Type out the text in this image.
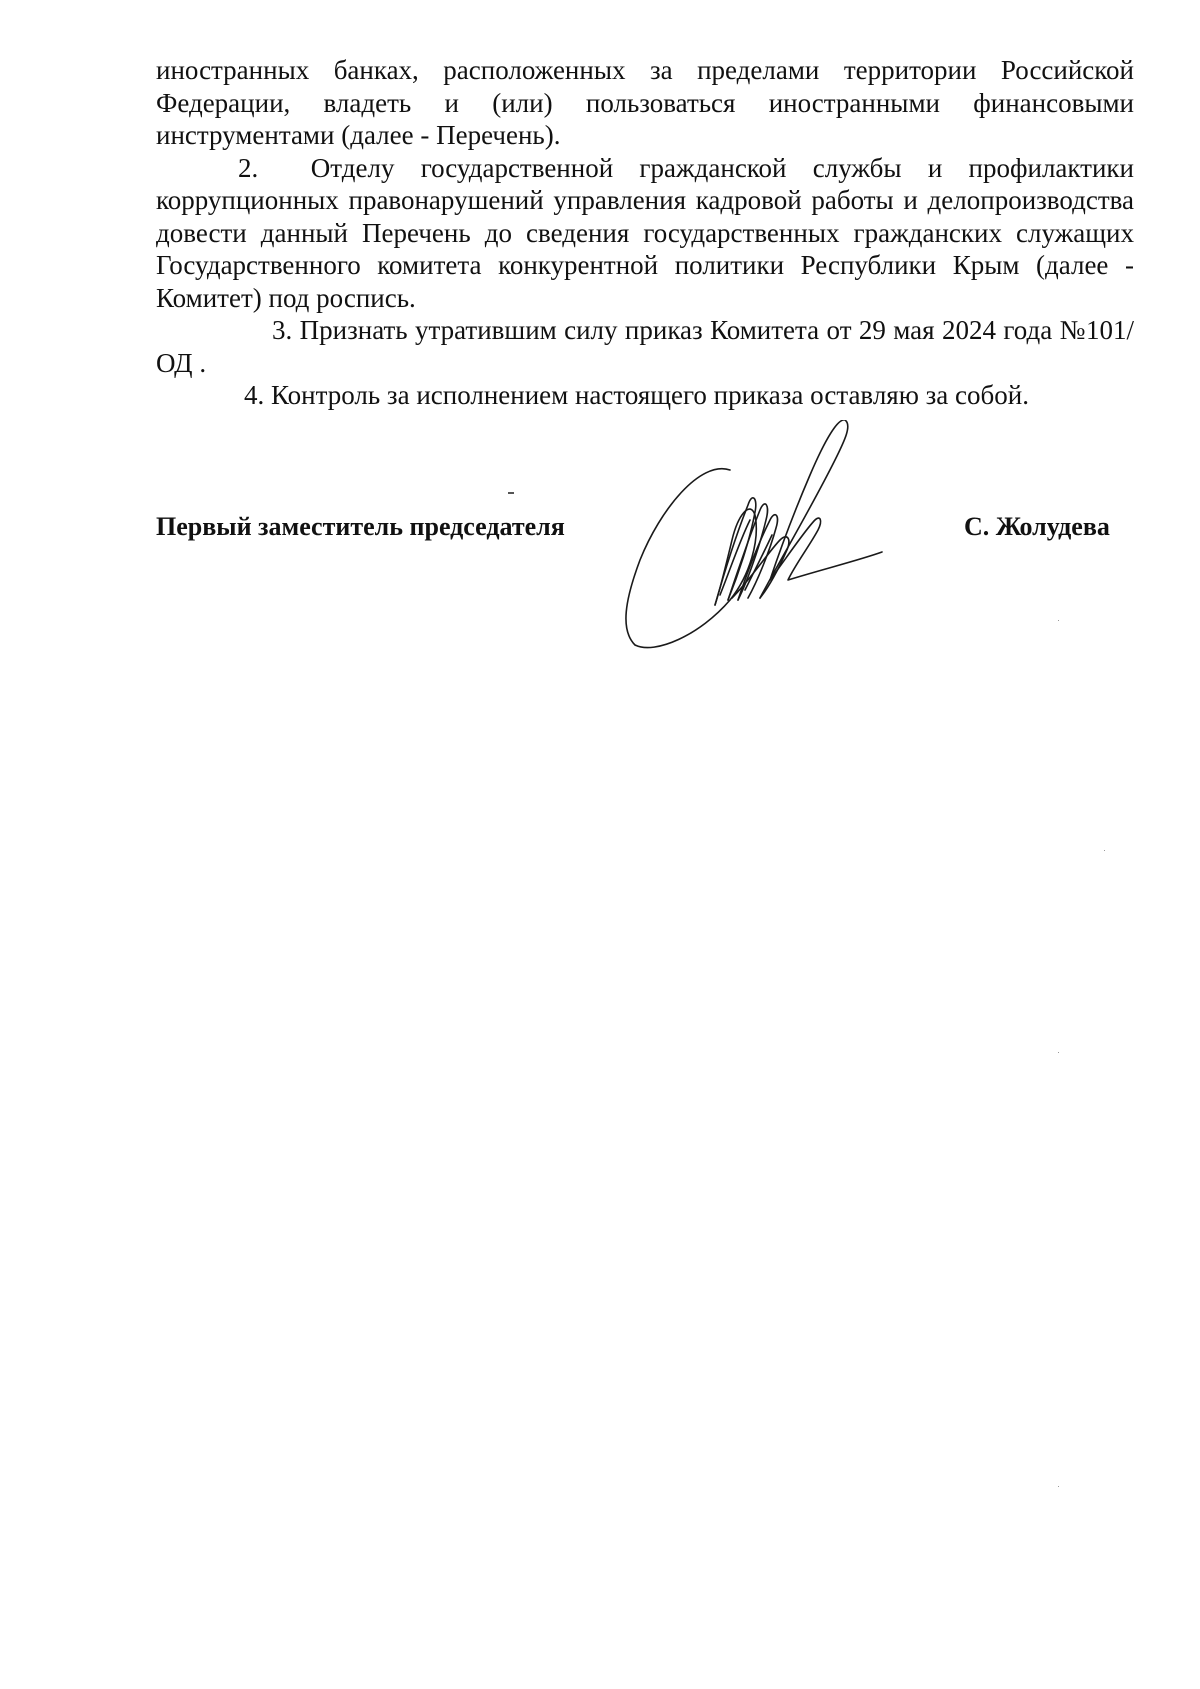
иностранных банках, расположенных за пределами территории Российской Федерации, владеть и (или) пользоваться иностранными финансовыми инструментами (далее - Перечень).

2.  Отделу государственной гражданской службы и профилактики коррупционных правонарушений управления кадровой работы и делопроизводства довести данный Перечень до сведения государственных гражданских служащих Государственного комитета конкурентной политики Республики Крым (далее - Комитет) под роспись.

3. Признать утратившим силу приказ Комитета от 29 мая 2024 года №101/ОД .

4. Контроль за исполнением настоящего приказа оставляю за собой.

Первый заместитель председателя	С. Жолудева
